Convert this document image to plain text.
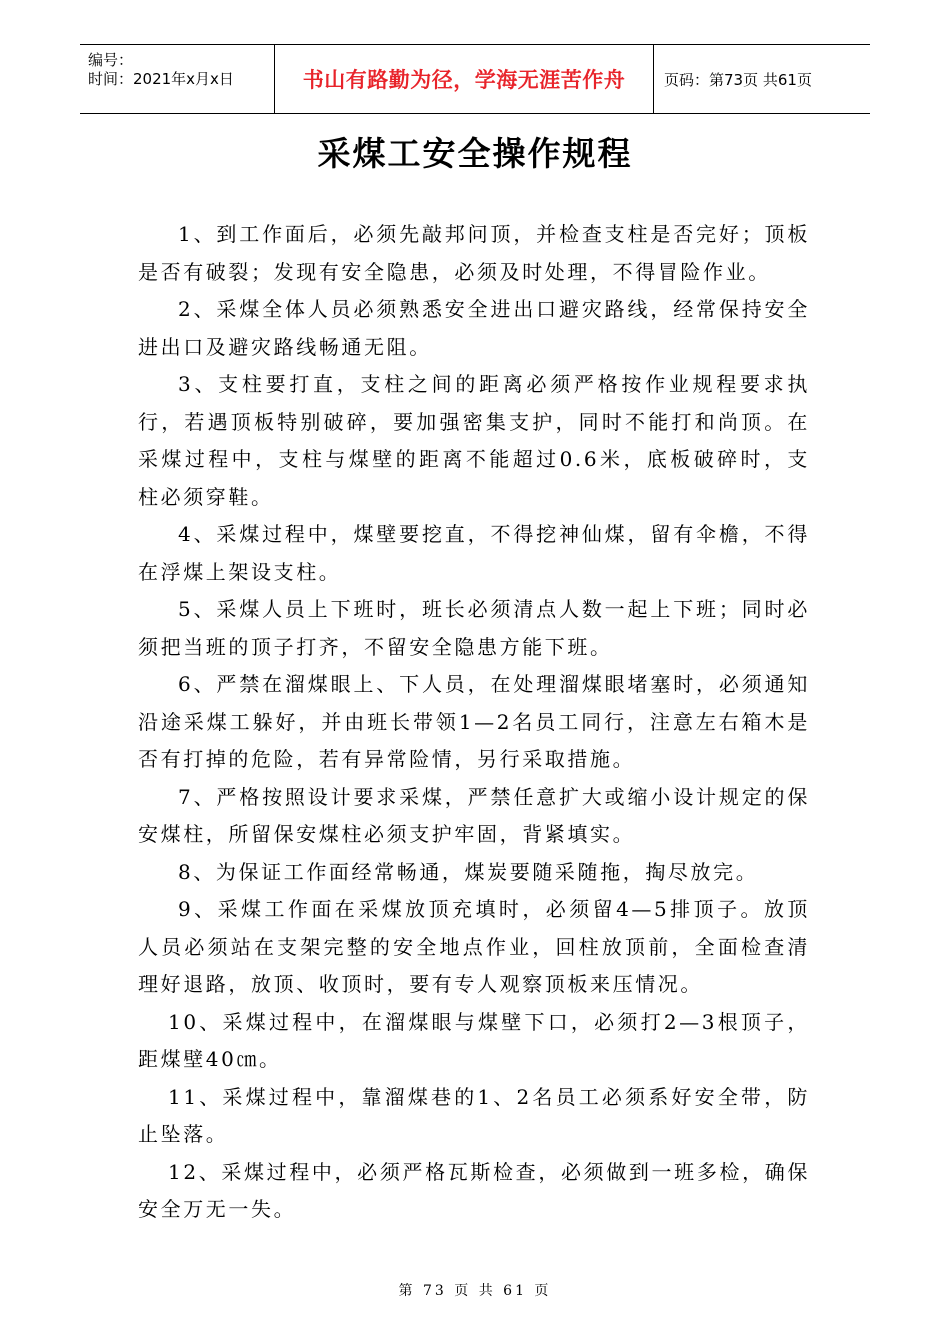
编号：
时间：2021年x月x日	书山有路勤为径，学海无涯苦作舟	页码：第73页 共61页
采煤工安全操作规程

1、到工作面后，必须先敲邦问顶，并检查支柱是否完好；顶板是否有破裂；发现有安全隐患，必须及时处理，不得冒险作业。

2、采煤全体人员必须熟悉安全进出口避灾路线，经常保持安全进出口及避灾路线畅通无阻。

3、支柱要打直，支柱之间的距离必须严格按作业规程要求执行，若遇顶板特别破碎，要加强密集支护，同时不能打和尚顶。在采煤过程中，支柱与煤壁的距离不能超过0.6米，底板破碎时，支柱必须穿鞋。

4、采煤过程中，煤壁要挖直，不得挖神仙煤，留有伞檐，不得在浮煤上架设支柱。

5、采煤人员上下班时，班长必须清点人数一起上下班；同时必须把当班的顶子打齐，不留安全隐患方能下班。

6、严禁在溜煤眼上、下人员，在处理溜煤眼堵塞时，必须通知沿途采煤工躲好，并由班长带领1—2名员工同行，注意左右箱木是否有打掉的危险，若有异常险情，另行采取措施。

7、严格按照设计要求采煤，严禁任意扩大或缩小设计规定的保安煤柱，所留保安煤柱必须支护牢固，背紧填实。

8、为保证工作面经常畅通，煤炭要随采随拖，掏尽放完。

9、采煤工作面在采煤放顶充填时，必须留4—5排顶子。放顶人员必须站在支架完整的安全地点作业，回柱放顶前，全面检查清理好退路，放顶、收顶时，要有专人观察顶板来压情况。

10、采煤过程中，在溜煤眼与煤壁下口，必须打2—3根顶子，距煤壁40㎝。

11、采煤过程中，靠溜煤巷的1、2名员工必须系好安全带，防止坠落。

12、采煤过程中，必须严格瓦斯检查，必须做到一班多检，确保安全万无一失。

第 73 页 共 61 页
